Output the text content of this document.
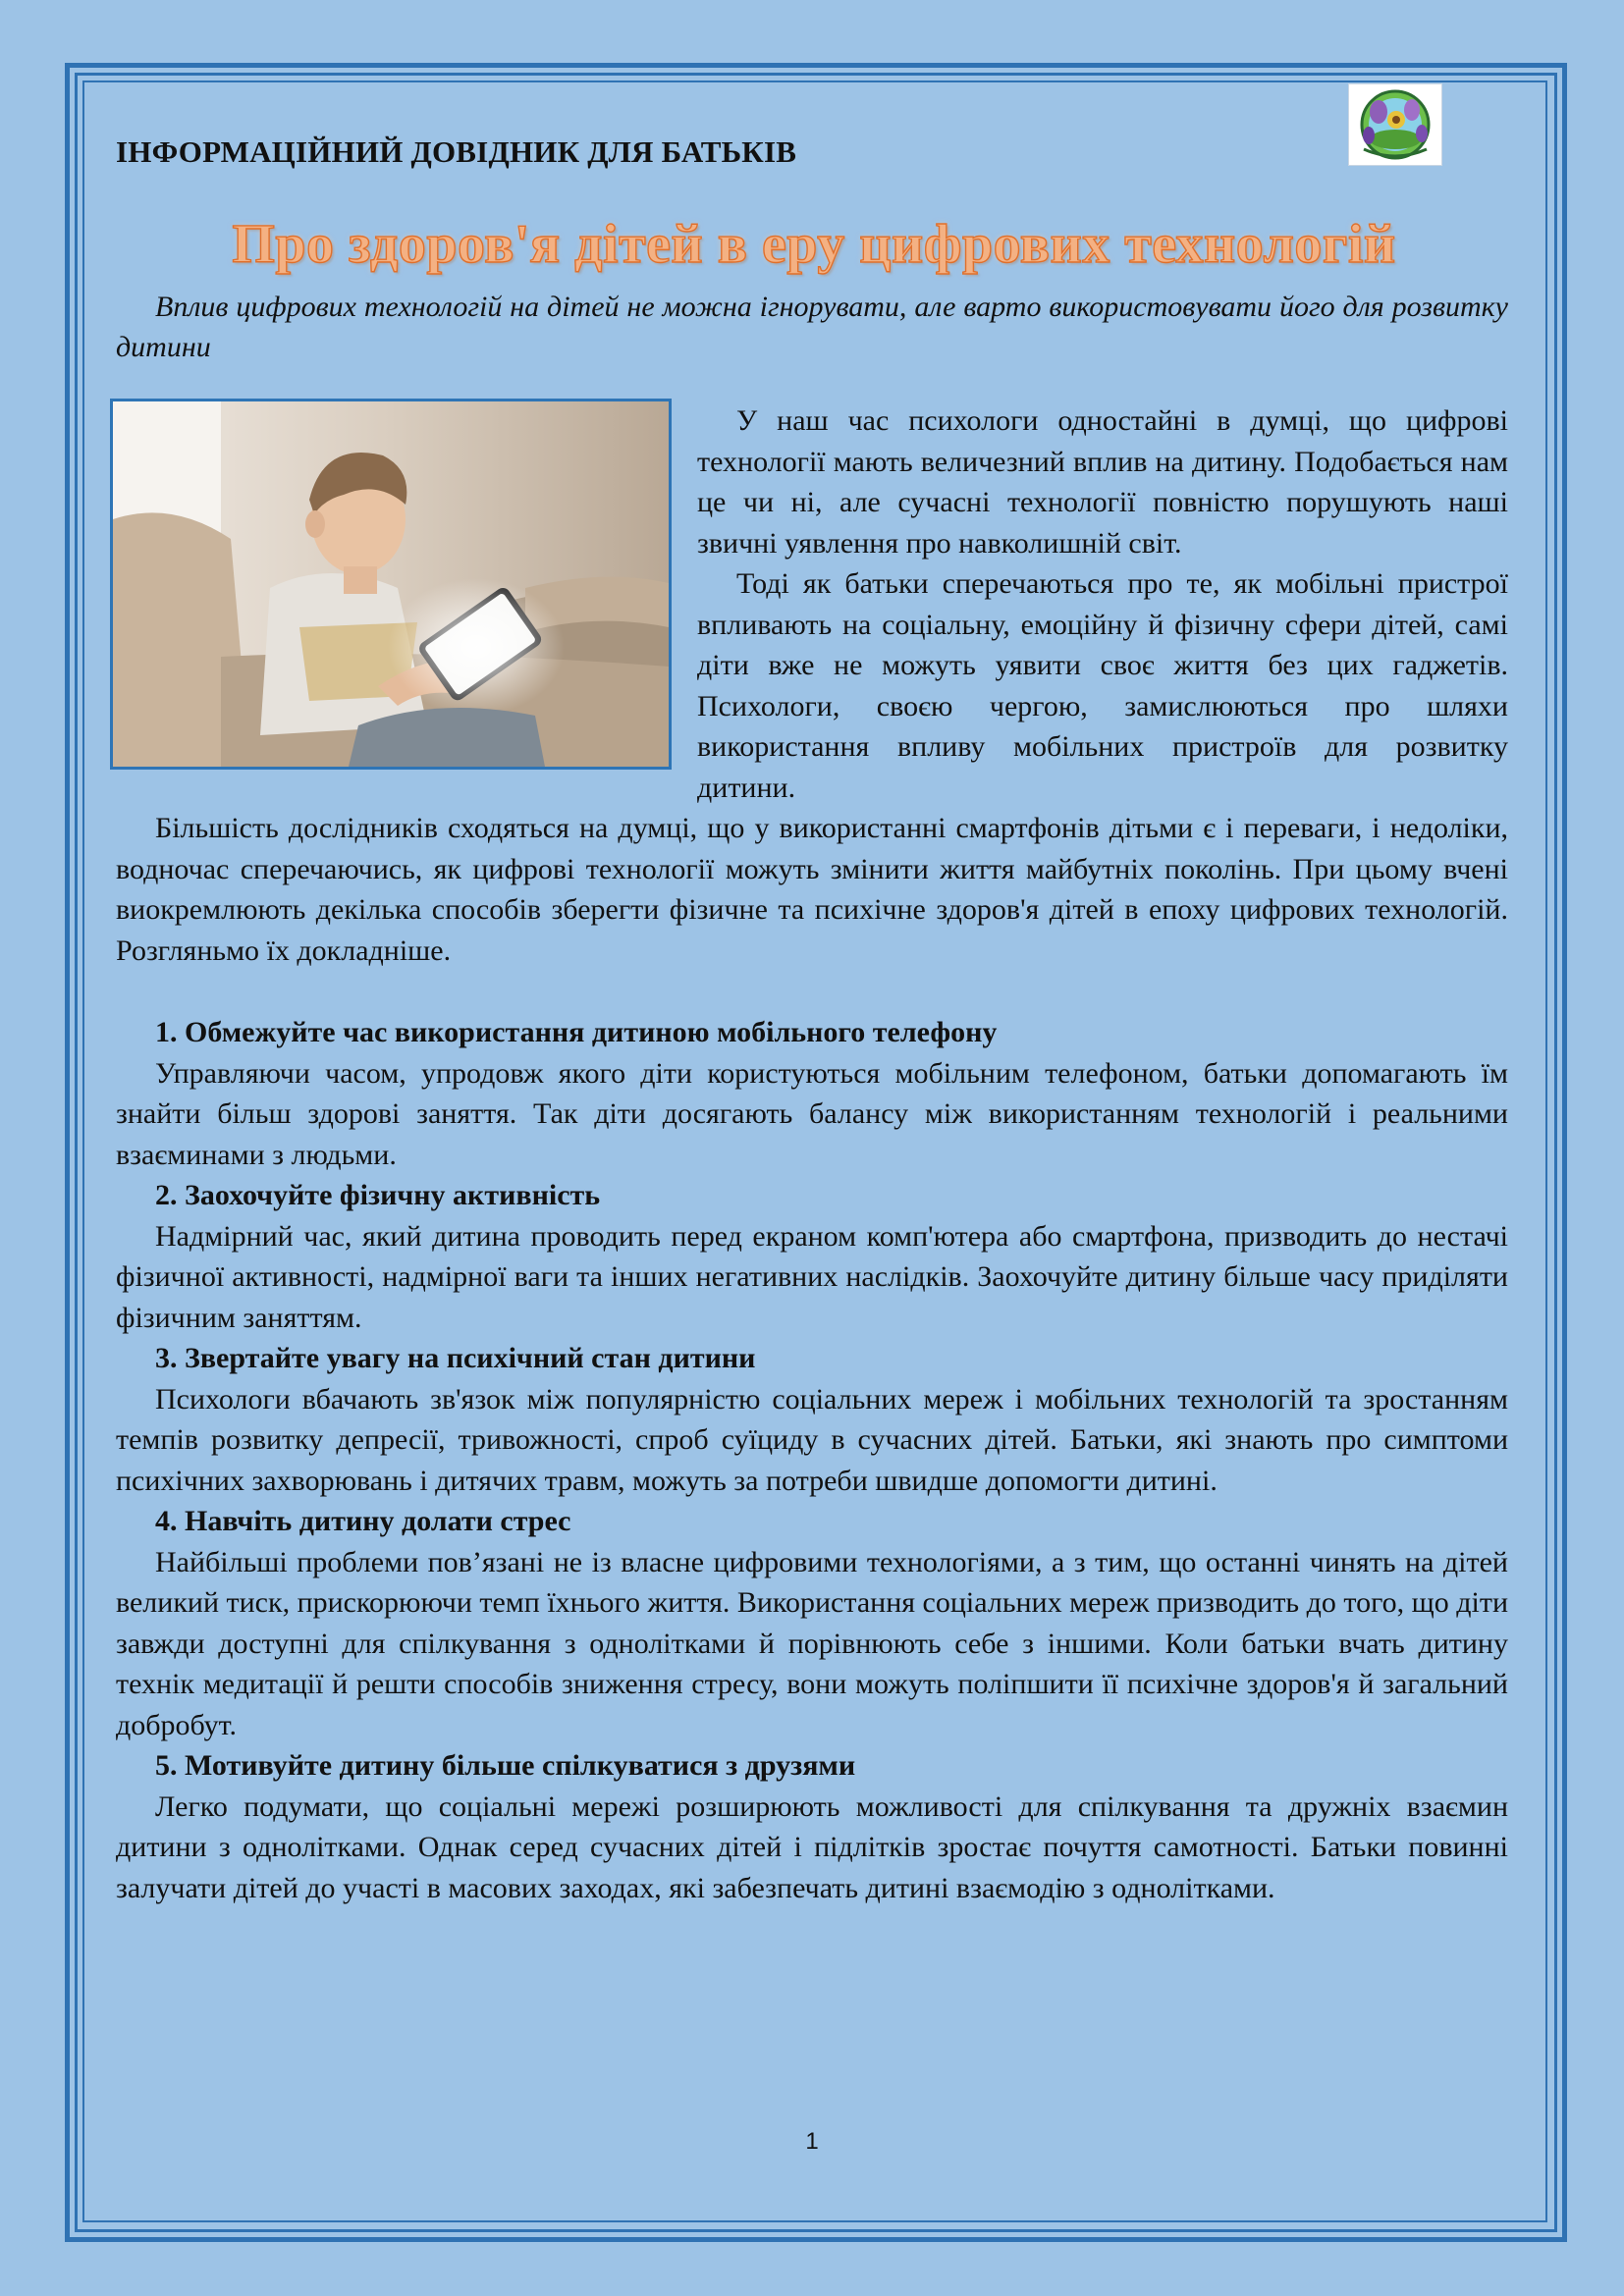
ІНФОРМАЦІЙНИЙ ДОВІДНИК ДЛЯ БАТЬКІВ
Про здоров'я дітей в еру цифрових технологій
Вплив цифрових технологій на дітей не можна ігнорувати, але варто використовувати його для розвитку дитини

У наш час психологи одностайні в думці, що цифрові технології мають величезний вплив на дитину. Подобається нам це чи ні, але сучасні технології повністю порушують наші звичні уявлення про навколишній світ.

Тоді як батьки сперечаються про те, як мобільні пристрої впливають на соціальну, емоційну й фізичну сфери дітей, самі діти вже не можуть уявити своє життя без цих гаджетів. Психологи, своєю чергою, замислюються про шляхи використання впливу мобільних пристроїв для розвитку дитини.

Більшість дослідників сходяться на думці, що у використанні смартфонів дітьми є і переваги, і недоліки, водночас сперечаючись, як цифрові технології можуть змінити життя майбутніх поколінь. При цьому вчені виокремлюють декілька способів зберегти фізичне та психічне здоров'я дітей в епоху цифрових технологій. Розгляньмо їх докладніше.

1. Обмежуйте час використання дитиною мобільного телефону

Управляючи часом, упродовж якого діти користуються мобільним телефоном, батьки допомагають їм знайти більш здорові заняття. Так діти досягають балансу між використанням технологій і реальними взаєминами з людьми.

2. Заохочуйте фізичну активність

Надмірний час, який дитина проводить перед екраном комп'ютера або смартфона, призводить до нестачі фізичної активності, надмірної ваги та інших негативних наслідків. Заохочуйте дитину більше часу приділяти фізичним заняттям.

3. Звертайте увагу на психічний стан дитини

Психологи вбачають зв'язок між популярністю соціальних мереж і мобільних технологій та зростанням темпів розвитку депресії, тривожності, спроб суїциду в сучасних дітей. Батьки, які знають про симптоми психічних захворювань і дитячих травм, можуть за потреби швидше допомогти дитині.

4. Навчіть дитину долати стрес

Найбільші проблеми пов’язані не із власне цифровими технологіями, а з тим, що останні чинять на дітей великий тиск, прискорюючи темп їхнього життя. Використання соціальних мереж призводить до того, що діти завжди доступні для спілкування з однолітками й порівнюють себе з іншими. Коли батьки вчать дитину технік медитації й решти способів зниження стресу, вони можуть поліпшити її психічне здоров'я й загальний добробут.

5. Мотивуйте дитину більше спілкуватися з друзями

Легко подумати, що соціальні мережі розширюють можливості для спілкування та дружніх взаємин дитини з однолітками. Однак серед сучасних дітей і підлітків зростає почуття самотності. Батьки повинні залучати дітей до участі в масових заходах, які забезпечать дитині взаємодію з однолітками.

1
